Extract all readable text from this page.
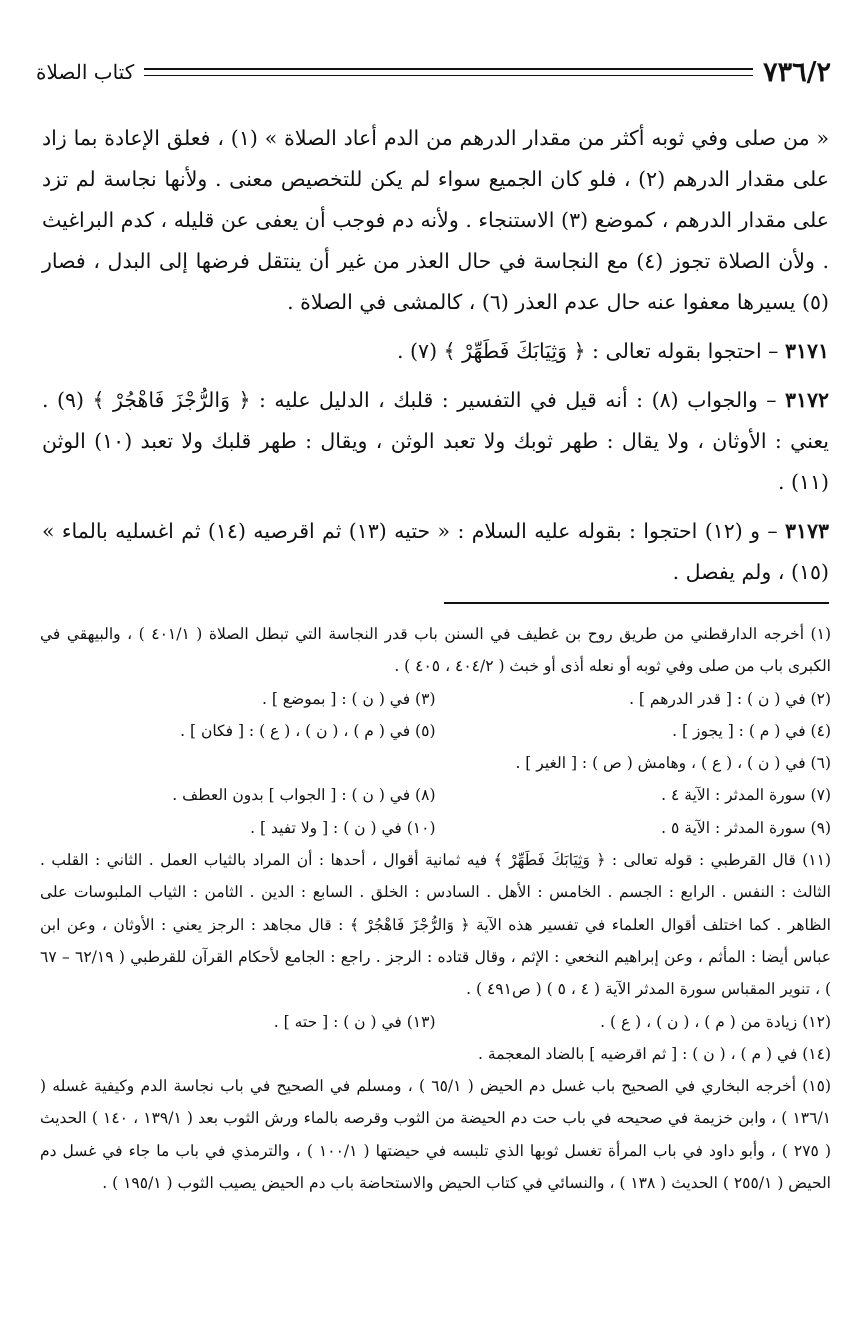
٧٣٦/٢
كتاب الصلاة

« من صلى وفي ثوبه أكثر من مقدار الدرهم من الدم أعاد الصلاة » (١) ، فعلق الإعادة بما زاد على مقدار الدرهم (٢) ، فلو كان الجميع سواء لم يكن للتخصيص معنى . ولأنها نجاسة لم تزد على مقدار الدرهم ، كموضع (٣) الاستنجاء . ولأنه دم فوجب أن يعفى عن قليله ، كدم البراغيث . ولأن الصلاة تجوز (٤) مع النجاسة في حال العذر من غير أن ينتقل فرضها إلى البدل ، فصار (٥) يسيرها معفوا عنه حال عدم العذر (٦) ، كالمشى في الصلاة .

٣١٧١ – احتجوا بقوله تعالى : ﴿ وَثِيَابَكَ فَطَهِّرْ ﴾ (٧) .

٣١٧٢ – والجواب (٨) : أنه قيل في التفسير : قلبك ، الدليل عليه : ﴿ وَالرُّجْزَ فَاهْجُرْ ﴾ (٩) . يعني : الأوثان ، ولا يقال : طهر ثوبك ولا تعبد الوثن ، ويقال : طهر قلبك ولا تعبد (١٠) الوثن (١١) .

٣١٧٣ – و (١٢) احتجوا : بقوله عليه السلام : « حتيه (١٣) ثم اقرصيه (١٤) ثم اغسليه بالماء » (١٥) ، ولم يفصل .

(١) أخرجه الدارقطني من طريق روح بن غطيف في السنن باب قدر النجاسة التي تبطل الصلاة ( ٤٠١/١ ) ، والبيهقي في الكبرى باب من صلى وفي ثوبه أو نعله أذى أو خبث ( ٤٠٤/٢ ، ٤٠٥ ) .

(٢) في ( ن ) : [ قدر الدرهم ] .
(٣) في ( ن ) : [ بموضع ] .

(٤) في ( م ) : [ يجوز ] .
(٥) في ( م ) ، ( ن ) ، ( ع ) : [ فكان ] .

(٦) في ( ن ) ، ( ع ) ، وهامش ( ص ) : [ الغير ] .

(٧) سورة المدثر : الآية ٤ .
(٨) في ( ن ) : [ الجواب ] بدون العطف .

(٩) سورة المدثر : الآية ٥ .
(١٠) في ( ن ) : [ ولا تفيد ] .

(١١) قال القرطبي : قوله تعالى : ﴿ وَثِيَابَكَ فَطَهِّرْ ﴾ فيه ثمانية أقوال ، أحدها : أن المراد بالثياب العمل . الثاني : القلب . الثالث : النفس . الرابع : الجسم . الخامس : الأهل . السادس : الخلق . السابع : الدين . الثامن : الثياب الملبوسات على الظاهر . كما اختلف أقوال العلماء في تفسير هذه الآية ﴿ وَالرُّجْزَ فَاهْجُرْ ﴾ : قال مجاهد : الرجز يعني : الأوثان ، وعن ابن عباس أيضا : المأثم ، وعن إبراهيم النخعي : الإثم ، وقال قتاده : الرجز . راجع : الجامع لأحكام القرآن للقرطبي ( ٦٢/١٩ – ٦٧ ) ، تنوير المقباس سورة المدثر الآية ( ٤ ، ٥ ) ( ص٤٩١ ) .

(١٢) زيادة من ( م ) ، ( ن ) ، ( ع ) .
(١٣) في ( ن ) : [ حته ] .

(١٤) في ( م ) ، ( ن ) : [ ثم اقرضيه ] بالضاد المعجمة .

(١٥) أخرجه البخاري في الصحيح باب غسل دم الحيض ( ٦٥/١ ) ، ومسلم في الصحيح في باب نجاسة الدم وكيفية غسله ( ١٣٦/١ ) ، وابن خزيمة في صحيحه في باب حت دم الحيضة من الثوب وقرصه بالماء ورش الثوب بعد ( ١٣٩/١ ، ١٤٠ ) الحديث ( ٢٧٥ ) ، وأبو داود في باب المرأة تغسل ثوبها الذي تلبسه في حيضتها ( ١٠٠/١ ) ، والترمذي في باب ما جاء في غسل دم الحيض ( ٢٥٥/١ ) الحديث ( ١٣٨ ) ، والنسائي في كتاب الحيض والاستحاضة باب دم الحيض يصيب الثوب ( ١٩٥/١ ) .
